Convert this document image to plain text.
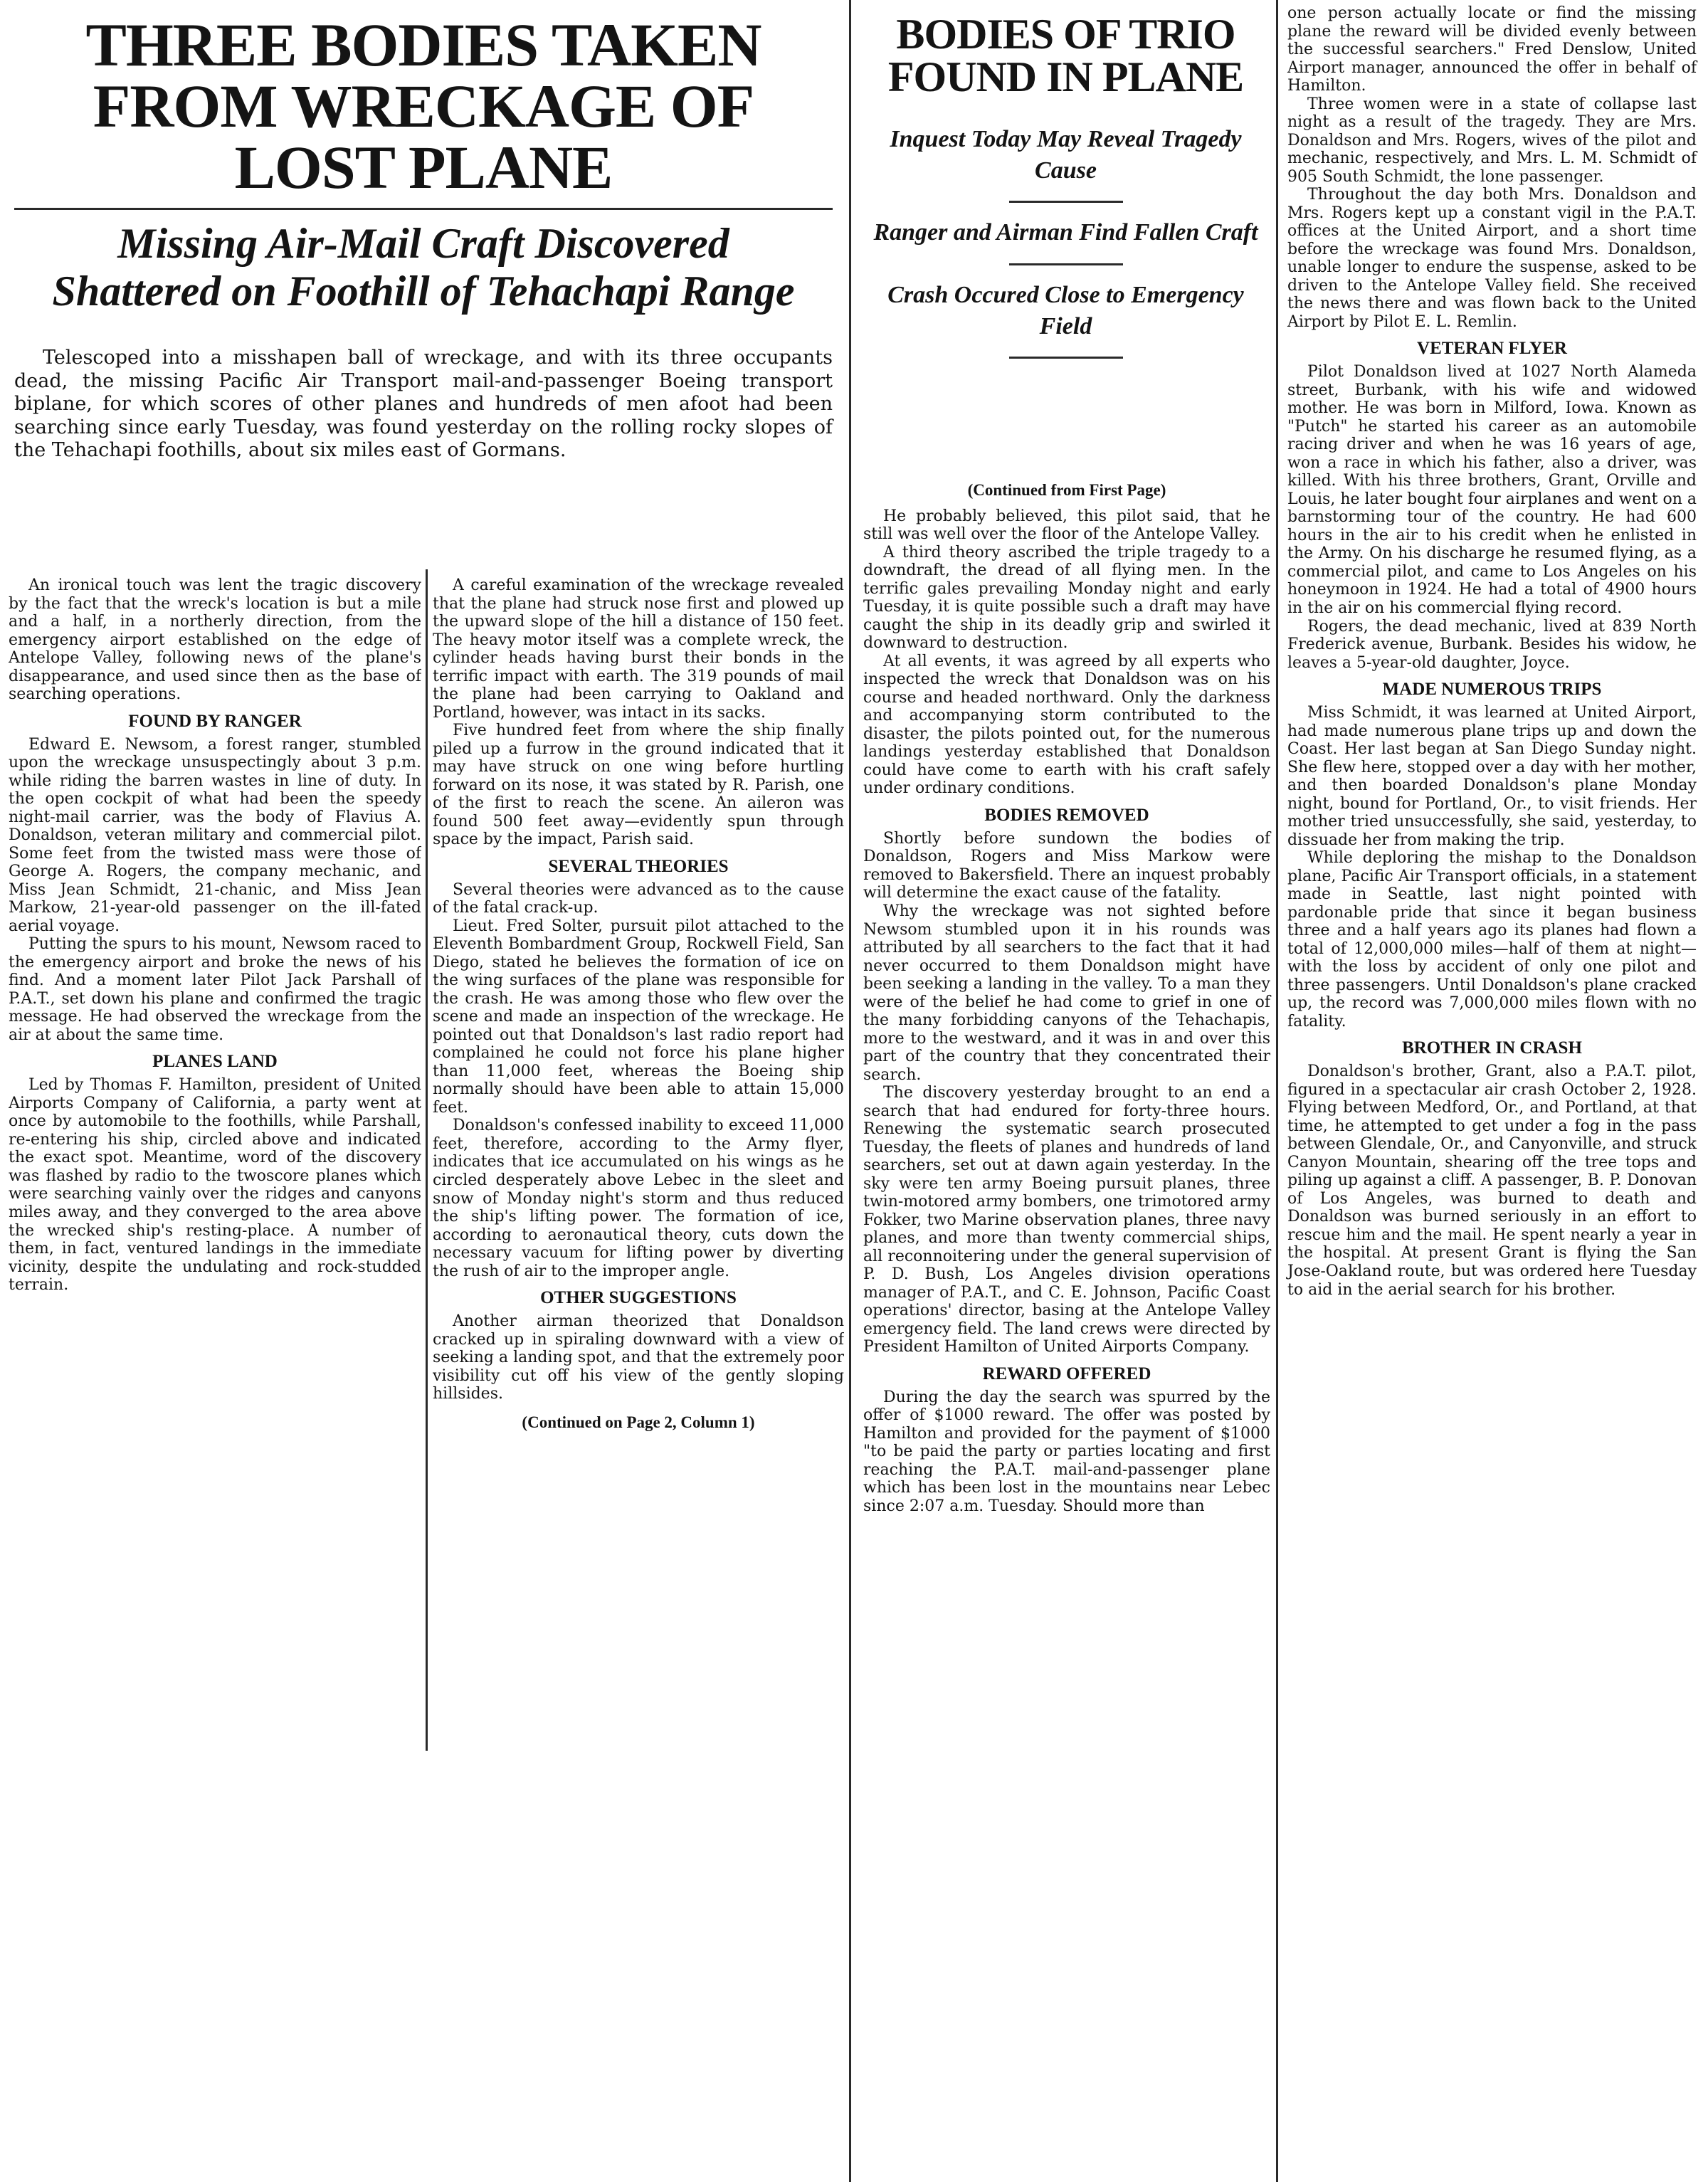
THREE BODIES TAKEN FROM WRECKAGE OF LOST PLANE
Missing Air-Mail Craft Discovered Shattered on Foothill of Tehachapi Range

Telescoped into a misshapen ball of wreckage, and with its three occupants dead, the missing Pacific Air Transport mail-and-passenger Boeing transport biplane, for which scores of other planes and hundreds of men afoot had been searching since early Tuesday, was found yesterday on the rolling rocky slopes of the Tehachapi foothills, about six miles east of Gormans.

An ironical touch was lent the tragic discovery by the fact that the wreck's location is but a mile and a half, in a northerly direction, from the emergency airport established on the edge of Antelope Valley, following news of the plane's disappearance, and used since then as the base of searching operations.

FOUND BY RANGER

Edward E. Newsom, a forest ranger, stumbled upon the wreckage unsuspectingly about 3 p.m. while riding the barren wastes in line of duty. In the open cockpit of what had been the speedy night-mail carrier, was the body of Flavius A. Donaldson, veteran military and commercial pilot. Some feet from the twisted mass were those of George A. Rogers, the company mechanic, and Miss Jean Schmidt, 21-chanic, and Miss Jean Markow, 21-year-old passenger on the ill-fated aerial voyage.

Putting the spurs to his mount, Newsom raced to the emergency airport and broke the news of his find. And a moment later Pilot Jack Parshall of P.A.T., set down his plane and confirmed the tragic message. He had observed the wreckage from the air at about the same time.

PLANES LAND

Led by Thomas F. Hamilton, president of United Airports Company of California, a party went at once by automobile to the foothills, while Parshall, re-entering his ship, circled above and indicated the exact spot. Meantime, word of the discovery was flashed by radio to the twoscore planes which were searching vainly over the ridges and canyons miles away, and they converged to the area above the wrecked ship's resting-place. A number of them, in fact, ventured landings in the immediate vicinity, despite the undulating and rock-studded terrain.

A careful examination of the wreckage revealed that the plane had struck nose first and plowed up the upward slope of the hill a distance of 150 feet. The heavy motor itself was a complete wreck, the cylinder heads having burst their bonds in the terrific impact with earth. The 319 pounds of mail the plane had been carrying to Oakland and Portland, however, was intact in its sacks.

Five hundred feet from where the ship finally piled up a furrow in the ground indicated that it may have struck on one wing before hurtling forward on its nose, it was stated by R. Parish, one of the first to reach the scene. An aileron was found 500 feet away—evidently spun through space by the impact, Parish said.

SEVERAL THEORIES

Several theories were advanced as to the cause of the fatal crack-up.

Lieut. Fred Solter, pursuit pilot attached to the Eleventh Bombardment Group, Rockwell Field, San Diego, stated he believes the formation of ice on the wing surfaces of the plane was responsible for the crash. He was among those who flew over the scene and made an inspection of the wreckage. He pointed out that Donaldson's last radio report had complained he could not force his plane higher than 11,000 feet, whereas the Boeing ship normally should have been able to attain 15,000 feet.

Donaldson's confessed inability to exceed 11,000 feet, therefore, according to the Army flyer, indicates that ice accumulated on his wings as he circled desperately above Lebec in the sleet and snow of Monday night's storm and thus reduced the ship's lifting power. The formation of ice, according to aeronautical theory, cuts down the necessary vacuum for lifting power by diverting the rush of air to the improper angle.

OTHER SUGGESTIONS

Another airman theorized that Donaldson cracked up in spiraling downward with a view of seeking a landing spot, and that the extremely poor visibility cut off his view of the gently sloping hillsides.

(Continued on Page 2, Column 1)
BODIES OF TRIO FOUND IN PLANE

Inquest Today May Reveal Tragedy Cause

Ranger and Airman Find Fallen Craft

Crash Occured Close to Emergency Field

(Continued from First Page)

He probably believed, this pilot said, that he still was well over the floor of the Antelope Valley.

A third theory ascribed the triple tragedy to a downdraft, the dread of all flying men. In the terrific gales prevailing Monday night and early Tuesday, it is quite possible such a draft may have caught the ship in its deadly grip and swirled it downward to destruction.

At all events, it was agreed by all experts who inspected the wreck that Donaldson was on his course and headed northward. Only the darkness and accompanying storm contributed to the disaster, the pilots pointed out, for the numerous landings yesterday established that Donaldson could have come to earth with his craft safely under ordinary conditions.

BODIES REMOVED

Shortly before sundown the bodies of Donaldson, Rogers and Miss Markow were removed to Bakersfield. There an inquest probably will determine the exact cause of the fatality.

Why the wreckage was not sighted before Newsom stumbled upon it in his rounds was attributed by all searchers to the fact that it had never occurred to them Donaldson might have been seeking a landing in the valley. To a man they were of the belief he had come to grief in one of the many forbidding canyons of the Tehachapis, more to the westward, and it was in and over this part of the country that they concentrated their search.

The discovery yesterday brought to an end a search that had endured for forty-three hours. Renewing the systematic search prosecuted Tuesday, the fleets of planes and hundreds of land searchers, set out at dawn again yesterday. In the sky were ten army Boeing pursuit planes, three twin-motored army bombers, one trimotored army Fokker, two Marine observation planes, three navy planes, and more than twenty commercial ships, all reconnoitering under the general supervision of P. D. Bush, Los Angeles division operations manager of P.A.T., and C. E. Johnson, Pacific Coast operations' director, basing at the Antelope Valley emergency field. The land crews were directed by President Hamilton of United Airports Company.

REWARD OFFERED

During the day the search was spurred by the offer of $1000 reward. The offer was posted by Hamilton and provided for the payment of $1000 "to be paid the party or parties locating and first reaching the P.A.T. mail-and-passenger plane which has been lost in the mountains near Lebec since 2:07 a.m. Tuesday. Should more than

one person actually locate or find the missing plane the reward will be divided evenly between the successful searchers." Fred Denslow, United Airport manager, announced the offer in behalf of Hamilton.

Three women were in a state of collapse last night as a result of the tragedy. They are Mrs. Donaldson and Mrs. Rogers, wives of the pilot and mechanic, respectively, and Mrs. L. M. Schmidt of 905 South Schmidt, the lone passenger.

Throughout the day both Mrs. Donaldson and Mrs. Rogers kept up a constant vigil in the P.A.T. offices at the United Airport, and a short time before the wreckage was found Mrs. Donaldson, unable longer to endure the suspense, asked to be driven to the Antelope Valley field. She received the news there and was flown back to the United Airport by Pilot E. L. Remlin.

VETERAN FLYER

Pilot Donaldson lived at 1027 North Alameda street, Burbank, with his wife and widowed mother. He was born in Milford, Iowa. Known as "Putch" he started his career as an automobile racing driver and when he was 16 years of age, won a race in which his father, also a driver, was killed. With his three brothers, Grant, Orville and Louis, he later bought four airplanes and went on a barnstorming tour of the country. He had 600 hours in the air to his credit when he enlisted in the Army. On his discharge he resumed flying, as a commercial pilot, and came to Los Angeles on his honeymoon in 1924. He had a total of 4900 hours in the air on his commercial flying record.

Rogers, the dead mechanic, lived at 839 North Frederick avenue, Burbank. Besides his widow, he leaves a 5-year-old daughter, Joyce.

MADE NUMEROUS TRIPS

Miss Schmidt, it was learned at United Airport, had made numerous plane trips up and down the Coast. Her last began at San Diego Sunday night. She flew here, stopped over a day with her mother, and then boarded Donaldson's plane Monday night, bound for Portland, Or., to visit friends. Her mother tried unsuccessfully, she said, yesterday, to dissuade her from making the trip.

While deploring the mishap to the Donaldson plane, Pacific Air Transport officials, in a statement made in Seattle, last night pointed with pardonable pride that since it began business three and a half years ago its planes had flown a total of 12,000,000 miles—half of them at night—with the loss by accident of only one pilot and three passengers. Until Donaldson's plane cracked up, the record was 7,000,000 miles flown with no fatality.

BROTHER IN CRASH

Donaldson's brother, Grant, also a P.A.T. pilot, figured in a spectacular air crash October 2, 1928. Flying between Medford, Or., and Portland, at that time, he attempted to get under a fog in the pass between Glendale, Or., and Canyonville, and struck Canyon Mountain, shearing off the tree tops and piling up against a cliff. A passenger, B. P. Donovan of Los Angeles, was burned to death and Donaldson was burned seriously in an effort to rescue him and the mail. He spent nearly a year in the hospital. At present Grant is flying the San Jose-Oakland route, but was ordered here Tuesday to aid in the aerial search for his brother.
